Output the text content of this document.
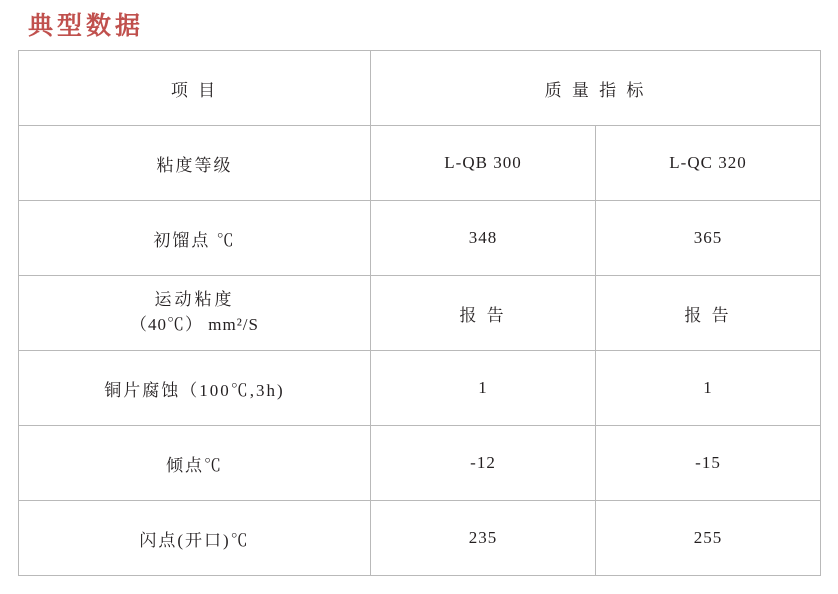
典型数据
项 目	质 量 指 标	
粘度等级	L-QB 300	L-QC 320
初馏点 ℃	348	365

运动粘度
（40℃） mm²/S	报 告	报 告
铜片腐蚀（100℃,3h)	1	1
倾点℃	-12	-15
闪点(开口)℃	235	255
